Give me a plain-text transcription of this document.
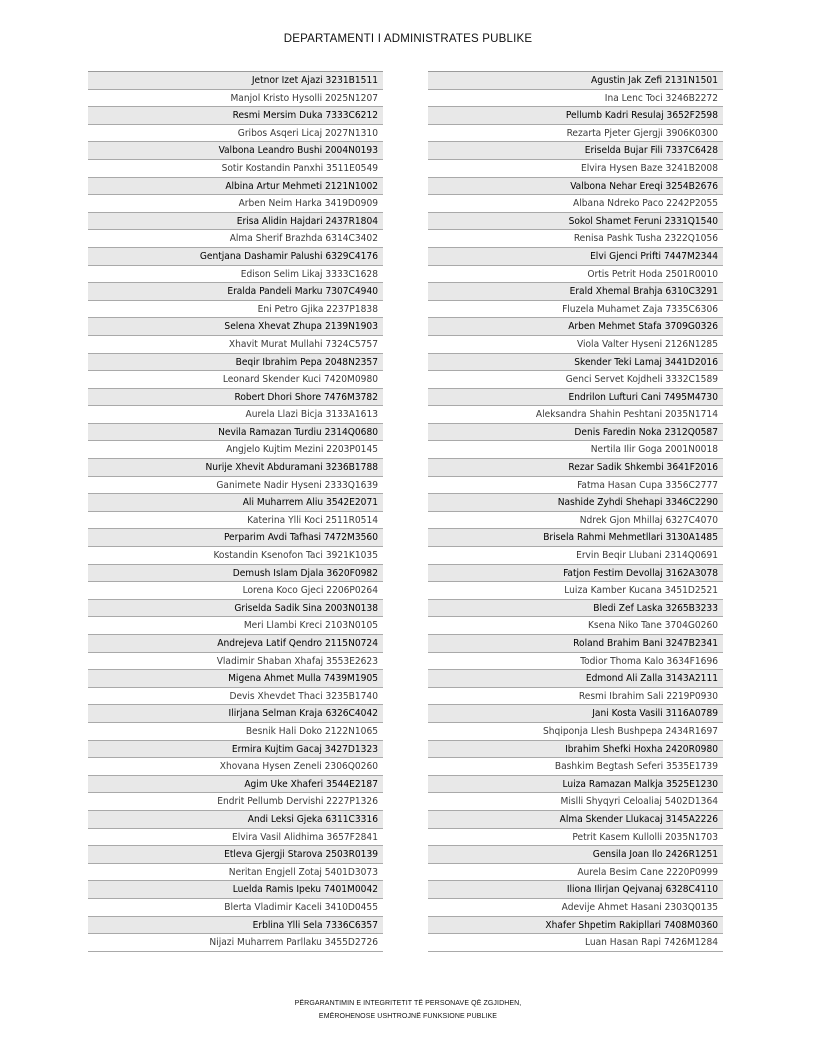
DEPARTAMENTI I ADMINISTRATES PUBLIKE
Jetnor Izet Ajazi 3231B1511
Manjol Kristo Hysolli 2025N1207
Resmi Mersim Duka 7333C6212
Gribos Asqeri Licaj 2027N1310
Valbona Leandro Bushi 2004N0193
Sotir Kostandin Panxhi 3511E0549
Albina Artur Mehmeti 2121N1002
Arben Neim Harka 3419D0909
Erisa Alidin Hajdari 2437R1804
Alma Sherif Brazhda 6314C3402
Gentjana Dashamir Palushi 6329C4176
Edison Selim Likaj 3333C1628
Eralda Pandeli Marku 7307C4940
Eni Petro Gjika 2237P1838
Selena Xhevat Zhupa 2139N1903
Xhavit Murat Mullahi 7324C5757
Beqir Ibrahim Pepa 2048N2357
Leonard Skender Kuci 7420M0980
Robert Dhori Shore 7476M3782
Aurela Llazi Bicja 3133A1613
Nevila Ramazan Turdiu 2314Q0680
Angjelo Kujtim Mezini 2203P0145
Nurije Xhevit Abduramani 3236B1788
Ganimete Nadir Hyseni 2333Q1639
Ali Muharrem Aliu 3542E2071
Katerina Ylli Koci 2511R0514
Perparim Avdi Tafhasi 7472M3560
Kostandin Ksenofon Taci 3921K1035
Demush Islam Djala 3620F0982
Lorena Koco Gjeci 2206P0264
Griselda Sadik Sina 2003N0138
Meri Llambi Kreci 2103N0105
Andrejeva Latif Qendro 2115N0724
Vladimir Shaban Xhafaj 3553E2623
Migena Ahmet Mulla 7439M1905
Devis Xhevdet Thaci 3235B1740
Ilirjana Selman Kraja 6326C4042
Besnik Hali Doko 2122N1065
Ermira Kujtim Gacaj 3427D1323
Xhovana Hysen Zeneli 2306Q0260
Agim Uke Xhaferi 3544E2187
Endrit Pellumb Dervishi 2227P1326
Andi Leksi Gjeka 6311C3316
Elvira Vasil Alidhima 3657F2841
Etleva Gjergji Starova 2503R0139
Neritan Engjell Zotaj 5401D3073
Luelda Ramis Ipeku 7401M0042
Blerta Vladimir Kaceli 3410D0455
Erblina Ylli Sela 7336C6357
Nijazi Muharrem Parllaku 3455D2726
Agustin Jak Zefi 2131N1501
Ina Lenc Toci 3246B2272
Pellumb Kadri Resulaj 3652F2598
Rezarta Pjeter Gjergji 3906K0300
Eriselda Bujar Fili 7337C6428
Elvira Hysen Baze 3241B2008
Valbona Nehar Ereqi 3254B2676
Albana Ndreko Paco 2242P2055
Sokol Shamet Feruni 2331Q1540
Renisa Pashk Tusha 2322Q1056
Elvi Gjenci Prifti 7447M2344
Ortis Petrit Hoda 2501R0010
Erald Xhemal Brahja 6310C3291
Fluzela Muhamet Zaja 7335C6306
Arben Mehmet Stafa 3709G0326
Viola Valter Hyseni 2126N1285
Skender Teki Lamaj 3441D2016
Genci Servet Kojdheli 3332C1589
Endrilon Lufturi Cani 7495M4730
Aleksandra Shahin Peshtani 2035N1714
Denis Faredin Noka 2312Q0587
Nertila Ilir Goga 2001N0018
Rezar Sadik Shkembi 3641F2016
Fatma Hasan Cupa 3356C2777
Nashide Zyhdi Shehapi 3346C2290
Ndrek Gjon Mhillaj 6327C4070
Brisela Rahmi Mehmetllari 3130A1485
Ervin Beqir Llubani 2314Q0691
Fatjon Festim Devollaj 3162A3078
Luiza Kamber Kucana 3451D2521
Bledi Zef Laska 3265B3233
Ksena Niko Tane 3704G0260
Roland Brahim Bani 3247B2341
Todior Thoma Kalo 3634F1696
Edmond Ali Zalla 3143A2111
Resmi Ibrahim Sali 2219P0930
Jani Kosta Vasili 3116A0789
Shqiponja Llesh Bushpepa 2434R1697
Ibrahim Shefki Hoxha 2420R0980
Bashkim Begtash Seferi 3535E1739
Luiza Ramazan Malkja 3525E1230
Mislli Shyqyri Celoaliaj 5402D1364
Alma Skender Llukacaj 3145A2226
Petrit Kasem Kullolli 2035N1703
Gensila Joan Ilo 2426R1251
Aurela Besim Cane 2220P0999
Iliona Ilirjan Qejvanaj 6328C4110
Adevije Ahmet Hasani 2303Q0135
Xhafer Shpetim Rakipllari 7408M0360
Luan Hasan Rapi 7426M1284
PËRGARANTIMIN E INTEGRITETIT TË PERSONAVE QË ZGJIDHEN,
EMËROHENOSE USHTROJNË FUNKSIONE PUBLIKE
